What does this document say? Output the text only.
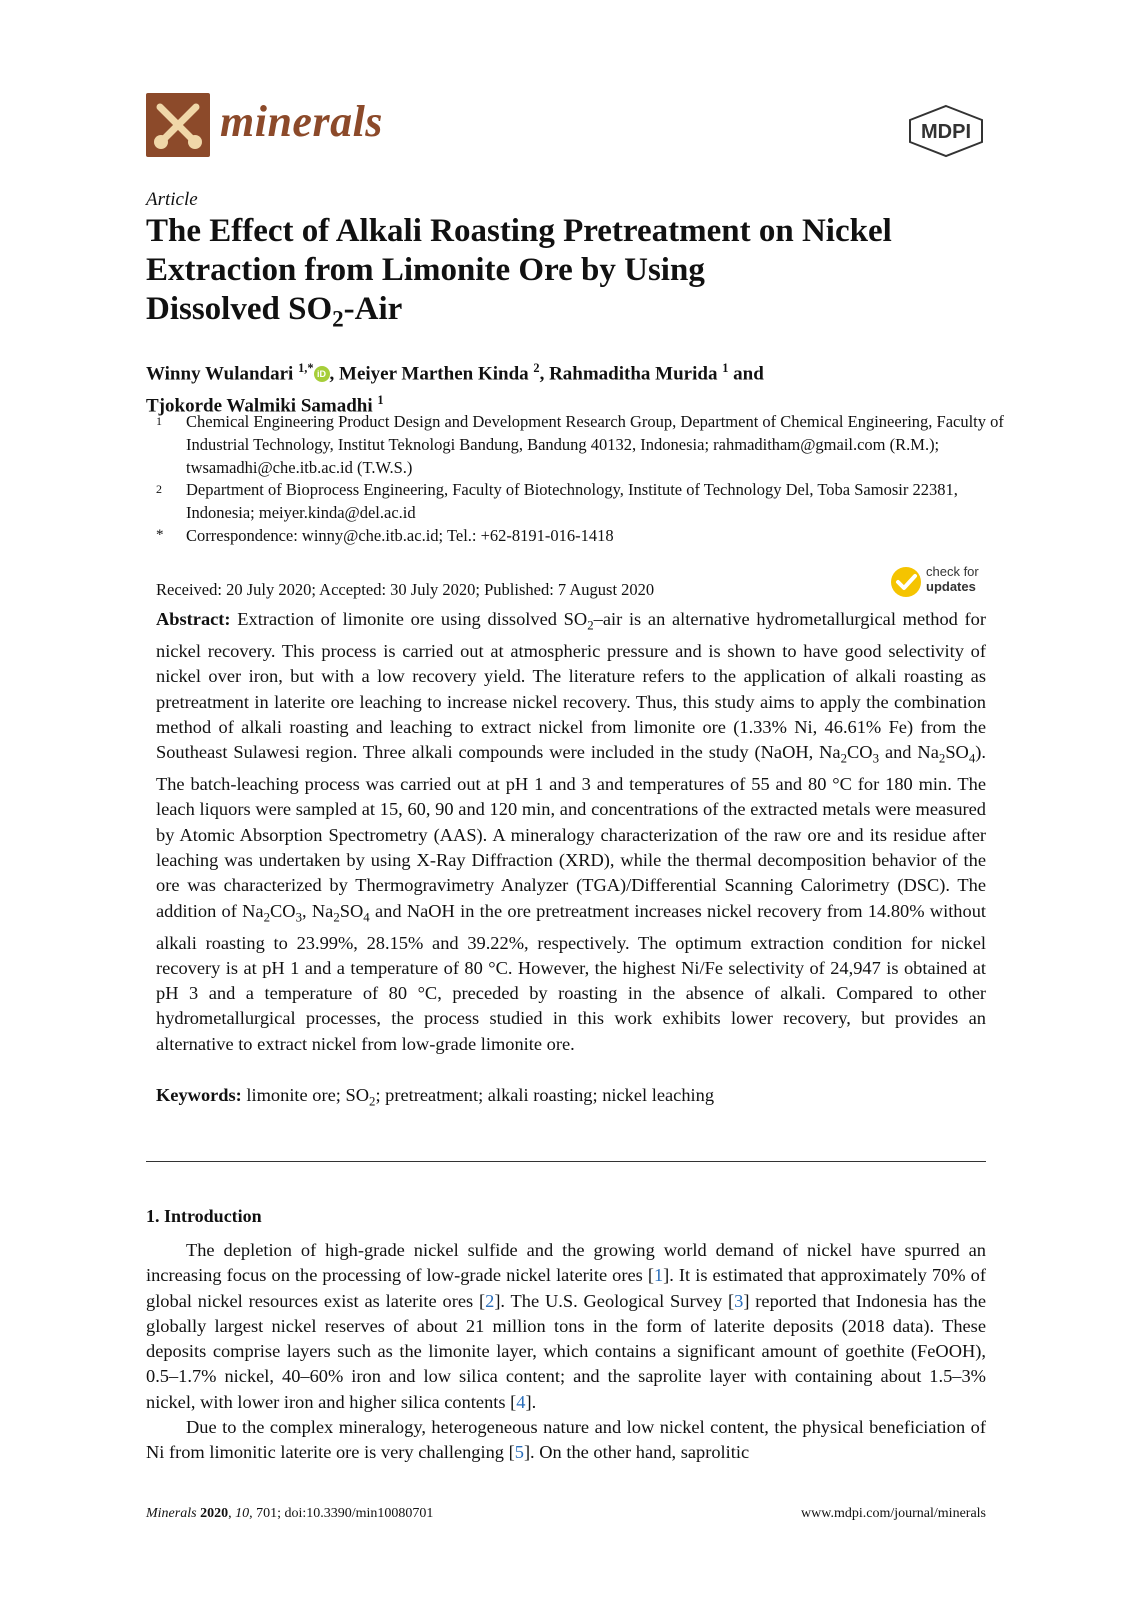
minerals	MDPI
Article
The Effect of Alkali Roasting Pretreatment on Nickel
Extraction from Limonite Ore by Using
Dissolved $SO_2$-Air
Winny Wulandari $^{1,*}$ iD , Meiyer Marthen Kinda $^2$, Rahmaditha Murida $^1$ and
Tjokorde Walmiki Samadhi $^1$
1 Chemical Engineering Product Design and Development Research Group, Department of Chemical Engineering, Faculty of Industrial Technology, Institut Teknologi Bandung, Bandung 40132, Indonesia; rahmaditham@gmail.com (R.M.); twsamadhi@che.itb.ac.id (T.W.S.)
2 Department of Bioprocess Engineering, Faculty of Biotechnology, Institute of Technology Del, Toba Samosir 22381, Indonesia; meiyer.kinda@del.ac.id
* Correspondence: winny@che.itb.ac.id; Tel.: +62-8191-016-1418
Received: 20 July 2020; Accepted: 30 July 2020; Published: 7 August 2020
check for
updates
Abstract: Extraction of limonite ore using dissolved $SO_2$–air is an alternative hydrometallurgical method for nickel recovery. This process is carried out at atmospheric pressure and is shown to have good selectivity of nickel over iron, but with a low recovery yield. The literature refers to the application of alkali roasting as pretreatment in laterite ore leaching to increase nickel recovery. Thus, this study aims to apply the combination method of alkali roasting and leaching to extract nickel from limonite ore (1.33% Ni, 46.61% Fe) from the Southeast Sulawesi region. Three alkali compounds were included in the study (NaOH, $Na_2CO_3$ and $Na_2SO_4$). The batch-leaching process was carried out at pH 1 and 3 and temperatures of 55 and 80 °C for 180 min. The leach liquors were sampled at 15, 60, 90 and 120 min, and concentrations of the extracted metals were measured by Atomic Absorption Spectrometry (AAS). A mineralogy characterization of the raw ore and its residue after leaching was undertaken by using X-Ray Diffraction (XRD), while the thermal decomposition behavior of the ore was characterized by Thermogravimetry Analyzer (TGA)/Differential Scanning Calorimetry (DSC). The addition of $Na_2CO_3$, $Na_2SO_4$ and NaOH in the ore pretreatment increases nickel recovery from 14.80% without alkali roasting to 23.99%, 28.15% and 39.22%, respectively. The optimum extraction condition for nickel recovery is at pH 1 and a temperature of 80 °C. However, the highest Ni/Fe selectivity of 24,947 is obtained at pH 3 and a temperature of 80 °C, preceded by roasting in the absence of alkali. Compared to other hydrometallurgical processes, the process studied in this work exhibits lower recovery, but provides an alternative to extract nickel from low-grade limonite ore.
Keywords: limonite ore; $SO_2$; pretreatment; alkali roasting; nickel leaching
1. Introduction

The depletion of high-grade nickel sulfide and the growing world demand of nickel have spurred an increasing focus on the processing of low-grade nickel laterite ores [1]. It is estimated that approximately 70% of global nickel resources exist as laterite ores [2]. The U.S. Geological Survey [3] reported that Indonesia has the globally largest nickel reserves of about 21 million tons in the form of laterite deposits (2018 data). These deposits comprise layers such as the limonite layer, which contains a significant amount of goethite (FeOOH), 0.5–1.7% nickel, 40–60% iron and low silica content; and the saprolite layer with containing about 1.5–3% nickel, with lower iron and higher silica contents [4].

Due to the complex mineralogy, heterogeneous nature and low nickel content, the physical beneficiation of Ni from limonitic laterite ore is very challenging [5]. On the other hand, saprolitic

Minerals 2020, 10, 701; doi:10.3390/min10080701	www.mdpi.com/journal/minerals
